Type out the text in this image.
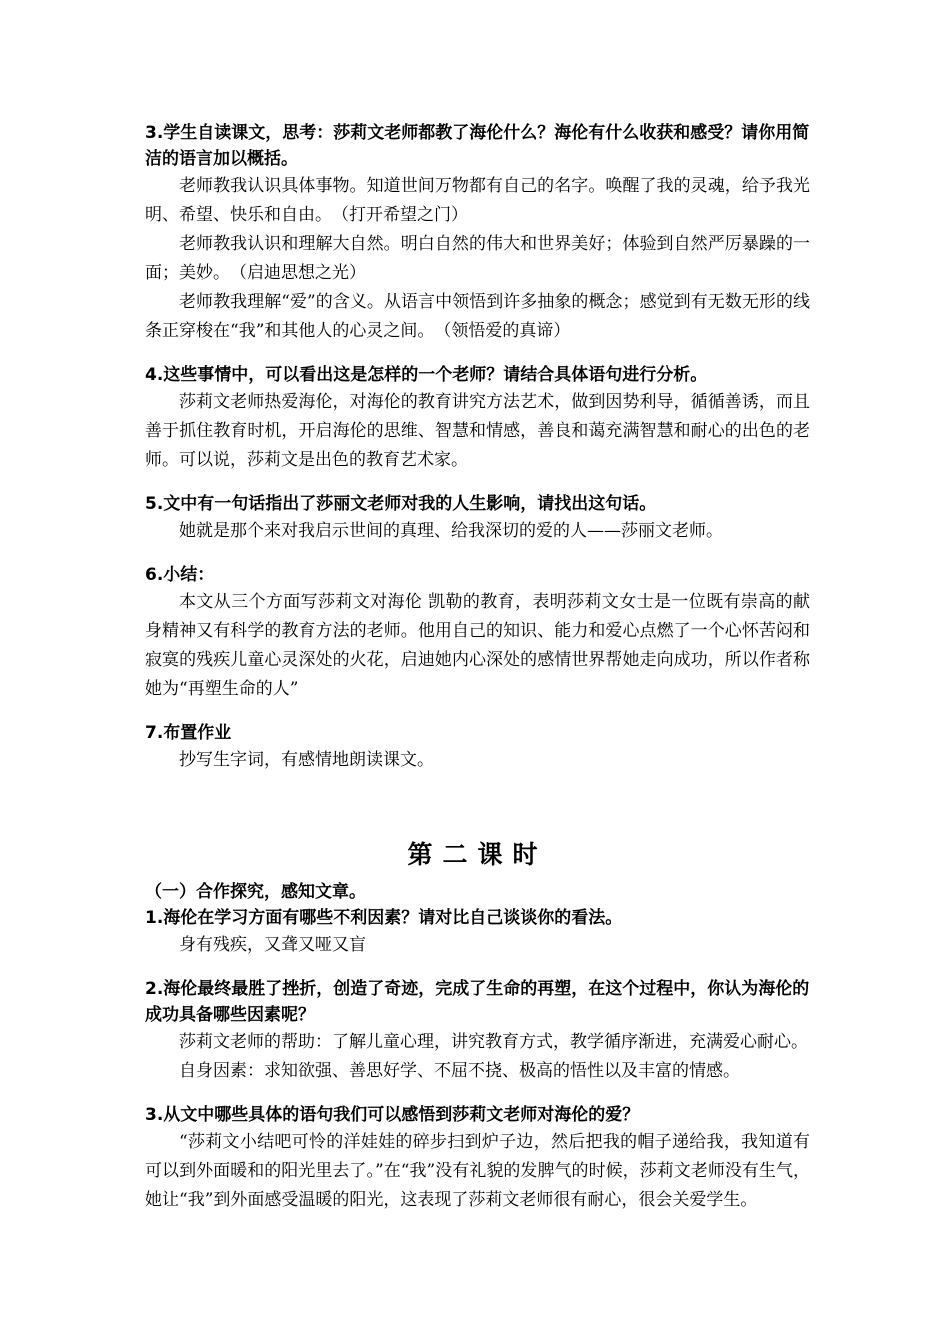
3.学生自读课文，思考：莎莉文老师都教了海伦什么？海伦有什么收获和感受？请你用简洁的语言加以概括。

老师教我认识具体事物。知道世间万物都有自己的名字。唤醒了我的灵魂，给予我光明、希望、快乐和自由。　（打开希望之门）

老师教我认识和理解大自然。明白自然的伟大和世界美好；体验到自然严厉暴躁的一面；美妙。　（启迪思想之光）

老师教我理解“爱”的含义。从语言中领悟到许多抽象的概念；感觉到有无数无形的线条正穿梭在“我”和其他人的心灵之间。　（领悟爱的真谛）

4.这些事情中，可以看出这是怎样的一个老师？请结合具体语句进行分析。

莎莉文老师热爱海伦，对海伦的教育讲究方法艺术，做到因势利导，循循善诱，而且善于抓住教育时机，开启海伦的思维、智慧和情感，善良和蔼充满智慧和耐心的出色的老师。可以说，莎莉文是出色的教育艺术家。

5.文中有一句话指出了莎丽文老师对我的人生影响，请找出这句话。

她就是那个来对我启示世间的真理、给我深切的爱的人——莎丽文老师。

6.小结：

本文从三个方面写莎莉文对海伦 凯勒的教育，表明莎莉文女士是一位既有崇高的献身精神又有科学的教育方法的老师。他用自己的知识、能力和爱心点燃了一个心怀苦闷和寂寞的残疾儿童心灵深处的火花，启迪她内心深处的感情世界帮她走向成功，所以作者称她为“再塑生命的人”

7.布置作业

抄写生字词，有感情地朗读课文。

第二课时

（一）合作探究，感知文章。

1.海伦在学习方面有哪些不利因素？请对比自己谈谈你的看法。

身有残疾，又聋又哑又盲

2.海伦最终最胜了挫折，创造了奇迹，完成了生命的再塑，在这个过程中，你认为海伦的成功具备哪些因素呢？

莎莉文老师的帮助：了解儿童心理，讲究教育方式，教学循序渐进，充满爱心耐心。

自身因素：求知欲强、善思好学、不屈不挠、极高的悟性以及丰富的情感。

3.从文中哪些具体的语句我们可以感悟到莎莉文老师对海伦的爱？

“莎莉文小结吧可怜的洋娃娃的碎步扫到炉子边，然后把我的帽子递给我，我知道有可以到外面暖和的阳光里去了。”在“我”没有礼貌的发脾气的时候，莎莉文老师没有生气，她让“我”到外面感受温暖的阳光，这表现了莎莉文老师很有耐心，很会关爱学生。
